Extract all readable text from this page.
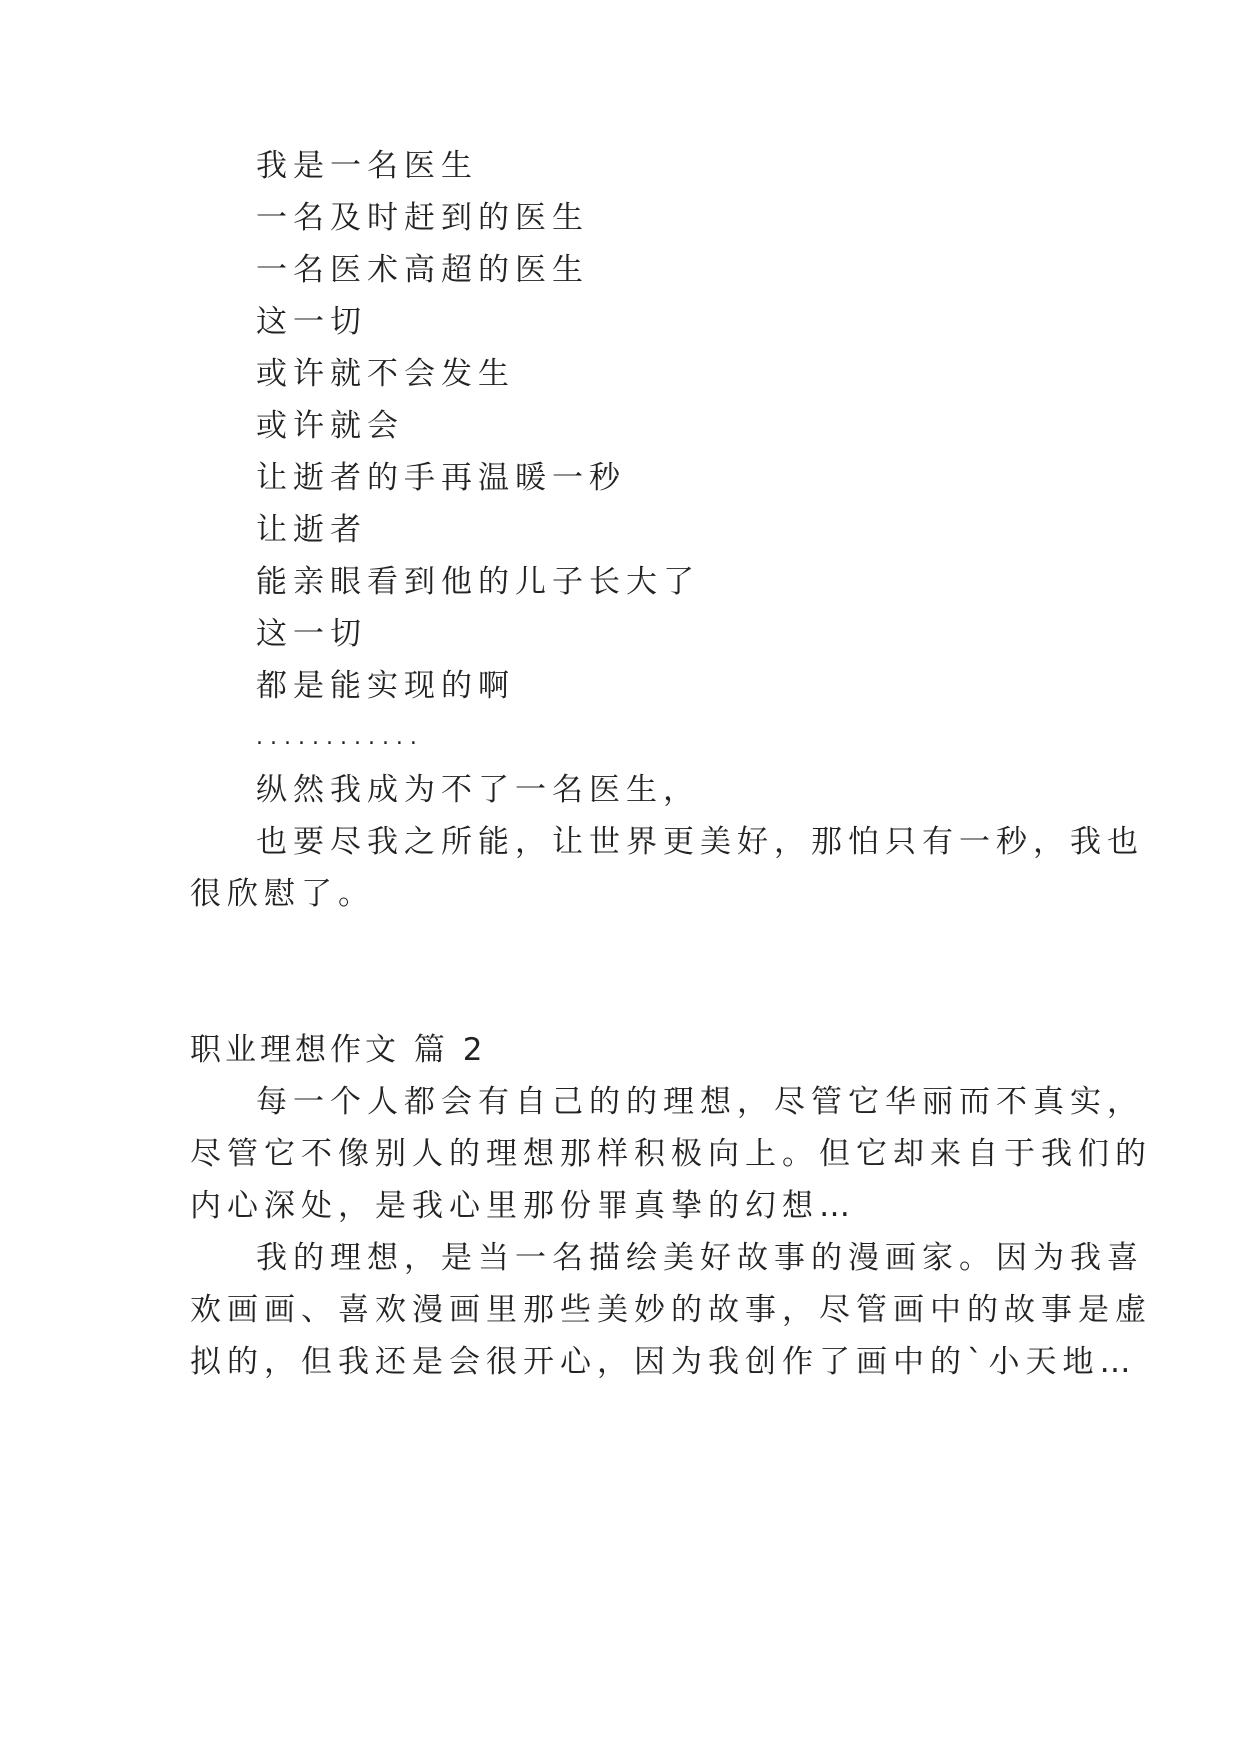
我是一名医生

一名及时赶到的医生

一名医术高超的医生

这一切

或许就不会发生

或许就会

让逝者的手再温暖一秒

让逝者

能亲眼看到他的儿子长大了

这一切

都是能实现的啊

............

纵然我成为不了一名医生，

也要尽我之所能，让世界更美好，那怕只有一秒，我也

很欣慰了。

职业理想作文 篇 2

每一个人都会有自己的的理想，尽管它华丽而不真实，

尽管它不像别人的理想那样积极向上。但它却来自于我们的

内心深处，是我心里那份罪真挚的幻想…

我的理想，是当一名描绘美好故事的漫画家。因为我喜

欢画画、喜欢漫画里那些美妙的故事，尽管画中的故事是虚

拟的，但我还是会很开心，因为我创作了画中的`小天地…
